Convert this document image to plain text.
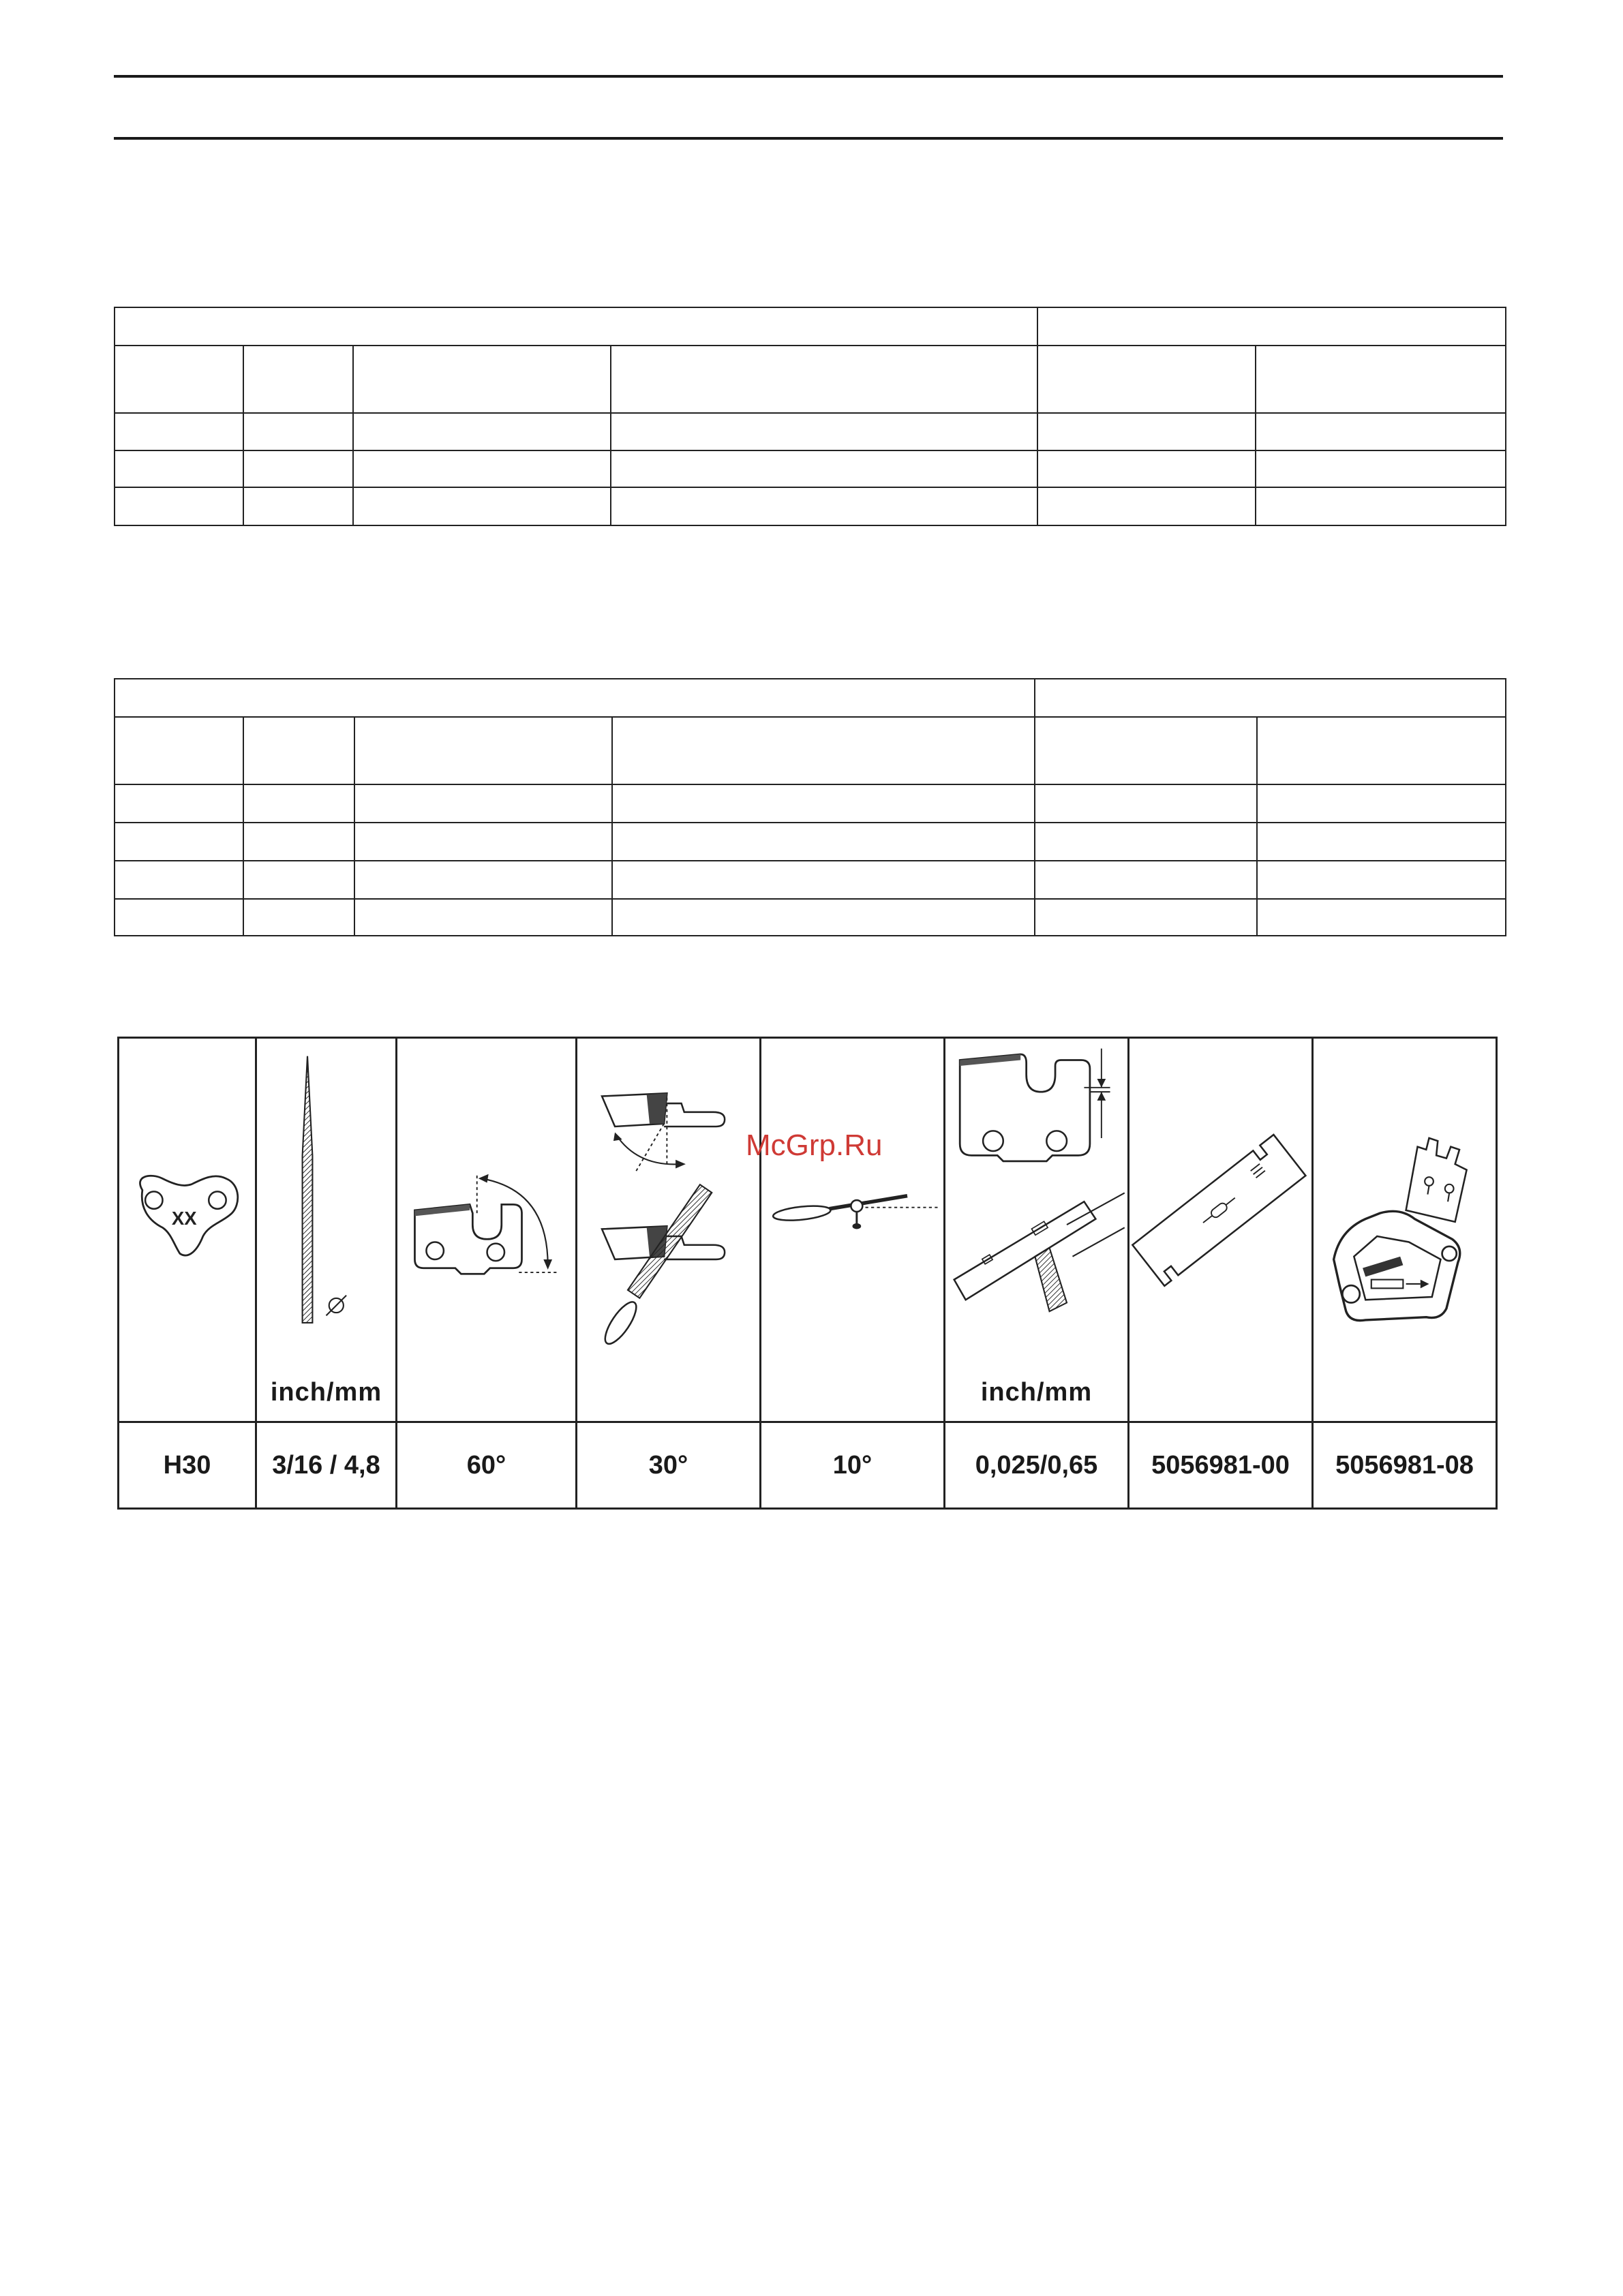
XX	inch/mm				inch/mm

H30	3/16 / 4,8	60°	30°	10°	0,025/0,65	5056981-00	5056981-08
McGrp.Ru
